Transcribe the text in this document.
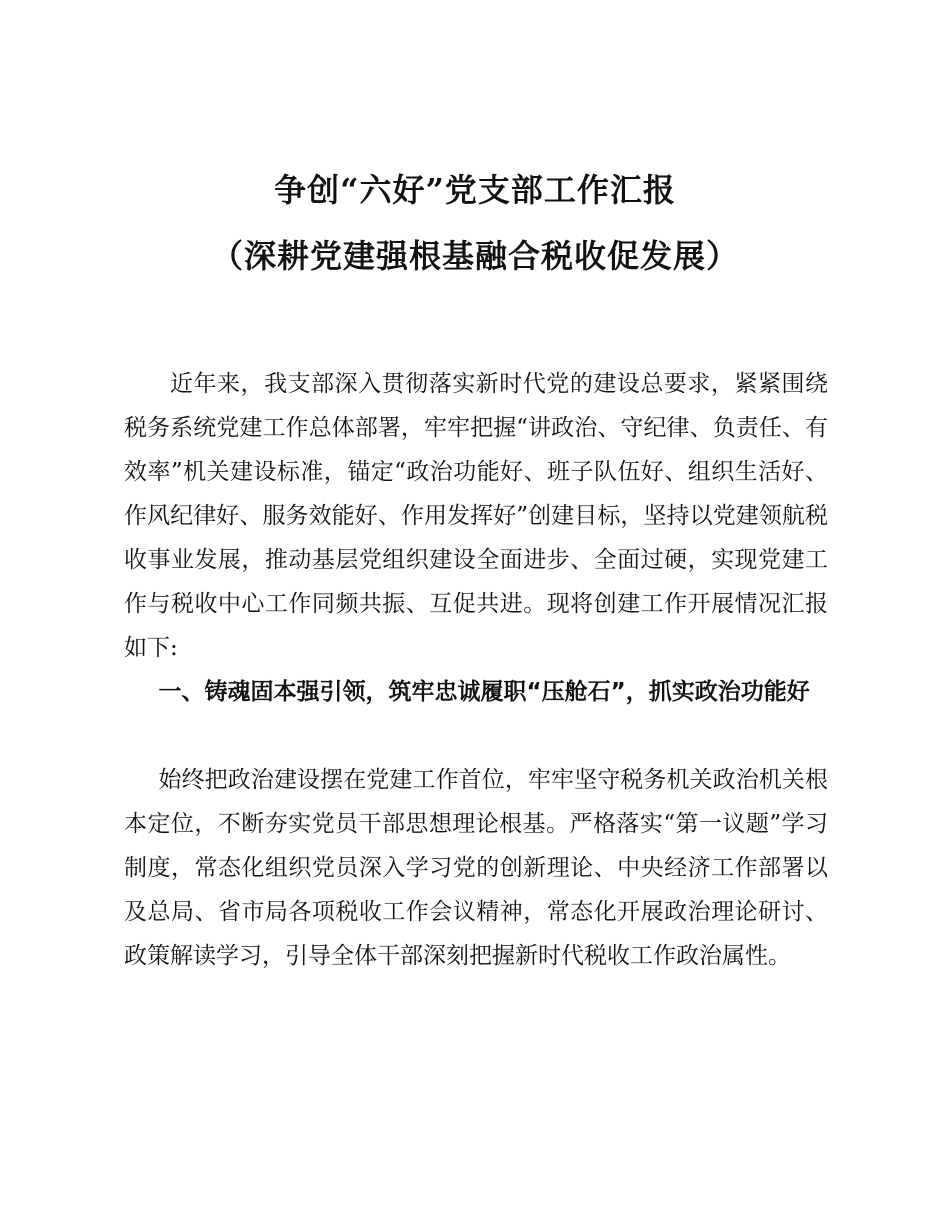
争创“六好”党支部工作汇报
（深耕党建强根基融合税收促发展）

近年来，我支部深入贯彻落实新时代党的建设总要求，紧紧围绕税务系统党建工作总体部署，牢牢把握“讲政治、守纪律、负责任、有效率”机关建设标准，锚定“政治功能好、班子队伍好、组织生活好、作风纪律好、服务效能好、作用发挥好”创建目标，坚持以党建领航税收事业发展，推动基层党组织建设全面进步、全面过硬，实现党建工作与税收中心工作同频共振、互促共进。现将创建工作开展情况汇报如下:

一、铸魂固本强引领，筑牢忠诚履职“压舱石”，抓实政治功能好

始终把政治建设摆在党建工作首位，牢牢坚守税务机关政治机关根本定位，不断夯实党员干部思想理论根基。严格落实“第一议题”学习制度，常态化组织党员深入学习党的创新理论、中央经济工作部署以及总局、省市局各项税收工作会议精神，常态化开展政治理论研讨、政策解读学习，引导全体干部深刻把握新时代税收工作政治属性。
